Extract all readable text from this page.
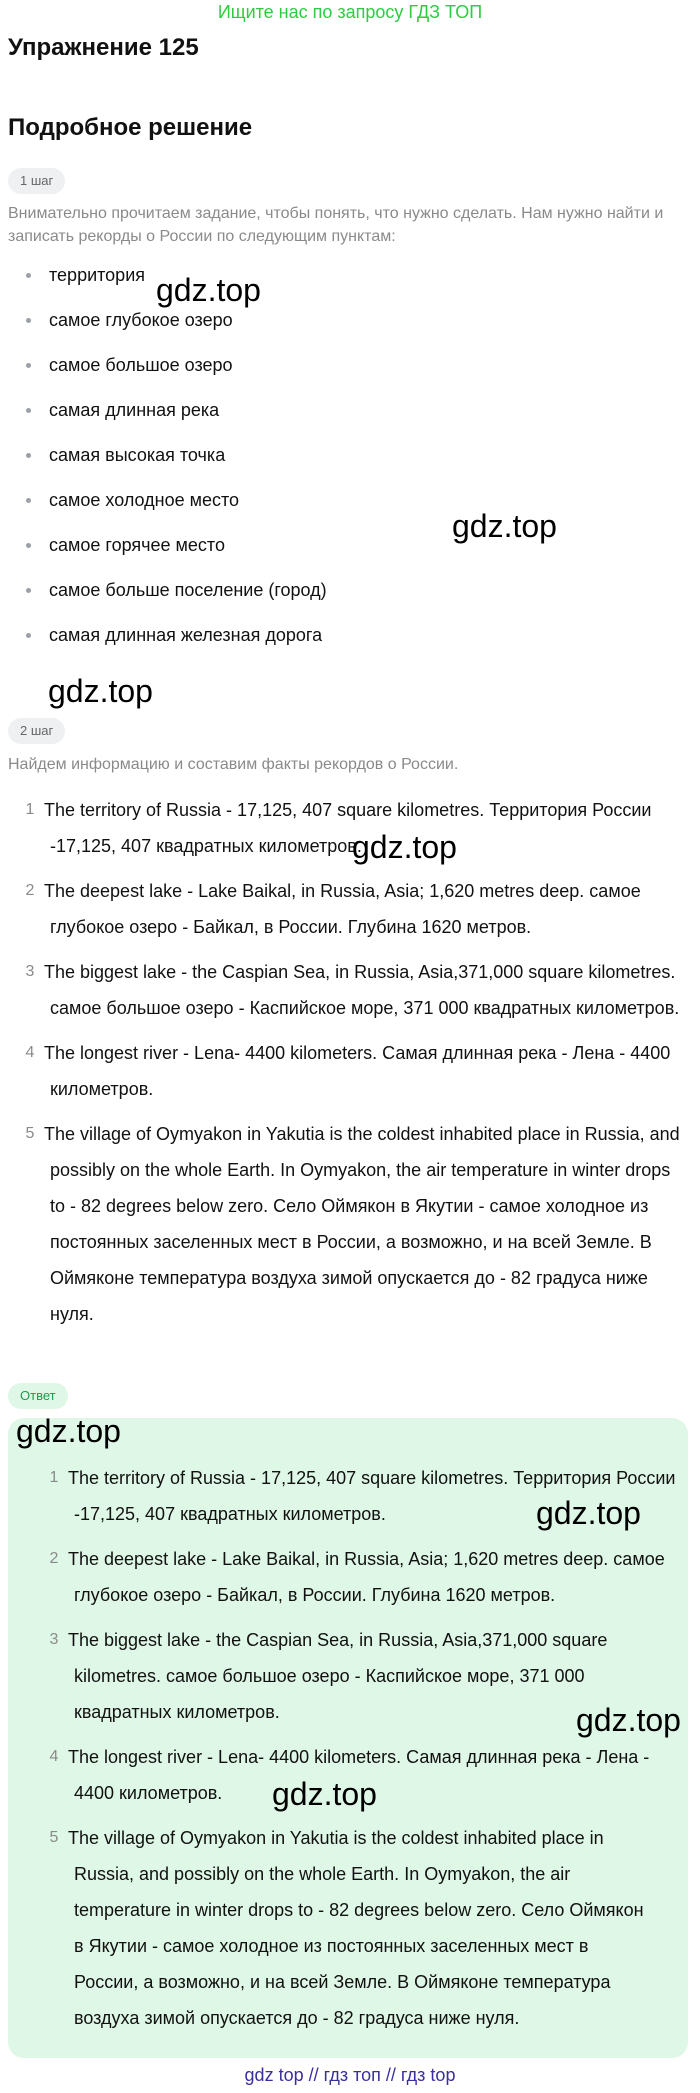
Ищите нас по запросу ГДЗ ТОП
Упражнение 125
Подробное решение
1 шаг
Внимательно прочитаем задание, чтобы понять, что нужно сделать. Нам нужно найти и записать рекорды о России по следующим пунктам:
территория
самое глубокое озеро
самое большое озеро
самая длинная река
самая высокая точка
самое холодное место
самое горячее место
самое больше поселение (город)
самая длинная железная дорога
2 шаг
Найдем информацию и составим факты рекордов о России.
1 The territory of Russia - 17,125, 407 square kilometres. Территория России
-17,125, 407 квадратных километров.
2 The deepest lake - Lake Baikal, in Russia, Asia; 1,620 metres deep. самое
глубокое озеро - Байкал, в России. Глубина 1620 метров.
3 The biggest lake - the Caspian Sea, in Russia, Asia,371,000 square kilometres.
самое большое озеро - Каспийское море, 371 000 квадратных километров.
4 The longest river - Lena- 4400 kilometers. Самая длинная река - Лена - 4400
километров.
5 The village of Oymyakon in Yakutia is the coldest inhabited place in Russia, and
possibly on the whole Earth. In Oymyakon, the air temperature in winter drops
to - 82 degrees below zero. Село Оймякон в Якутии - самое холодное из
постоянных заселенных мест в России, а возможно, и на всей Земле. В
Оймяконе температура воздуха зимой опускается до - 82 градуса ниже
нуля.
Ответ
1 The territory of Russia - 17,125, 407 square kilometres. Территория России
-17,125, 407 квадратных километров.
2 The deepest lake - Lake Baikal, in Russia, Asia; 1,620 metres deep. самое
глубокое озеро - Байкал, в России. Глубина 1620 метров.
3 The biggest lake - the Caspian Sea, in Russia, Asia,371,000 square
kilometres. самое большое озеро - Каспийское море, 371 000
квадратных километров.
4 The longest river - Lena- 4400 kilometers. Самая длинная река - Лена -
4400 километров.
5 The village of Oymyakon in Yakutia is the coldest inhabited place in
Russia, and possibly on the whole Earth. In Oymyakon, the air
temperature in winter drops to - 82 degrees below zero. Село Оймякон
в Якутии - самое холодное из постоянных заселенных мест в
России, а возможно, и на всей Земле. В Оймяконе температура
воздуха зимой опускается до - 82 градуса ниже нуля.
gdz.top
gdz.top
gdz.top
gdz.top
gdz.top
gdz.top
gdz.top
gdz.top
gdz top // гдз топ // гдз top
